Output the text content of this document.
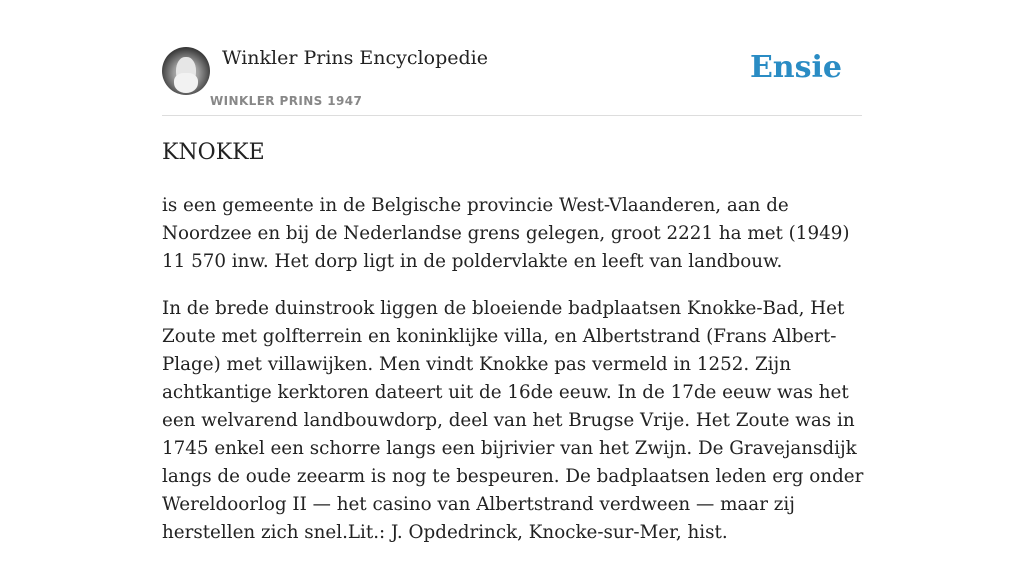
Winkler Prins Encyclopedie
WINKLER PRINS 1947
Ensie
KNOKKE

is een gemeente in de Belgische provincie West-Vlaanderen, aan de Noordzee en bij de Nederlandse grens gelegen, groot 2221 ha met (1949) 11 570 inw. Het dorp ligt in de poldervlakte en leeft van landbouw.

In de brede duinstrook liggen de bloeiende badplaatsen Knokke-Bad, Het Zoute met golfterrein en koninklijke villa, en Albertstrand (Frans Albert-Plage) met villawijken. Men vindt Knokke pas vermeld in 1252. Zijn achtkantige kerktoren dateert uit de 16de eeuw. In de 17de eeuw was het een welvarend landbouwdorp, deel van het Brugse Vrije. Het Zoute was in 1745 enkel een schorre langs een bijrivier van het Zwijn. De Gravejansdijk langs de oude zeearm is nog te bespeuren. De badplaatsen leden erg onder Wereldoorlog II — het casino van Albertstrand verdween — maar zij herstellen zich snel.Lit.: J. Opdedrinck, Knocke-sur-Mer, hist.
